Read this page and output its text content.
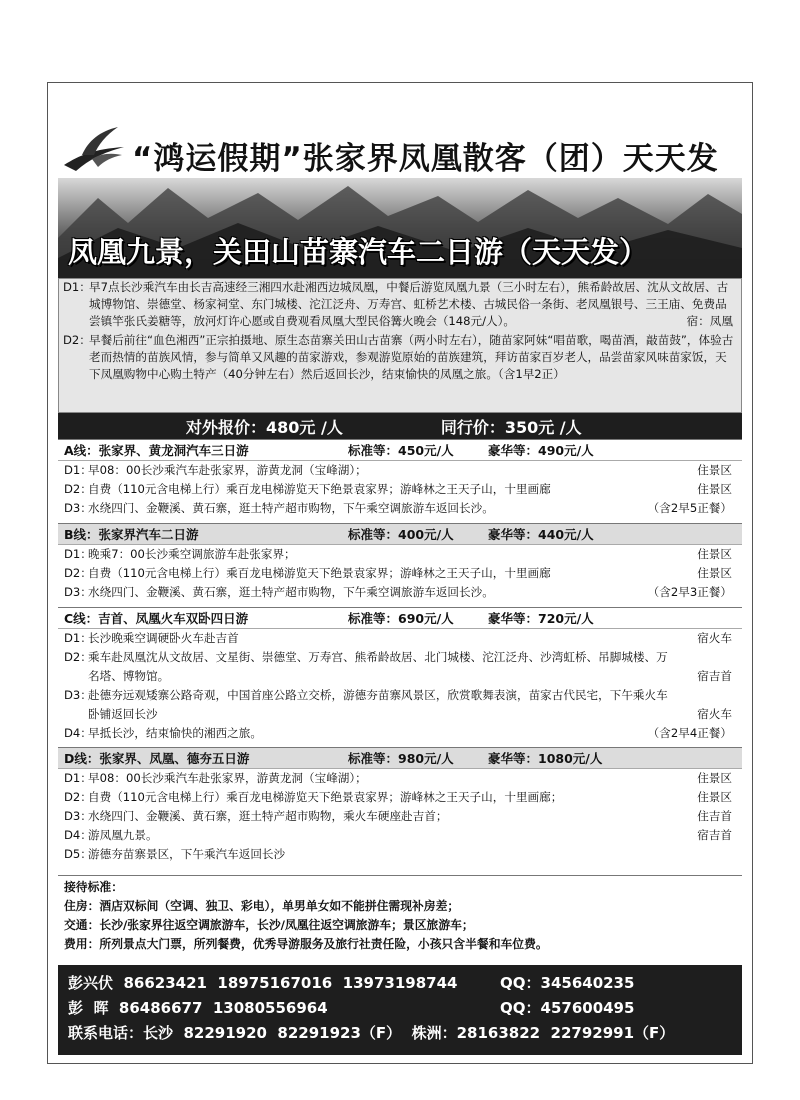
“鸿运假期”张家界凤凰散客（团）天天发
凤凰九景，关田山苗寨汽车二日游（天天发）
D1：
早7点长沙乘汽车由长吉高速经三湘四水赴湘西边城凤凰，中餐后游览凤凰九景（三小时左右），熊希龄故居、沈从文故居、古城博物馆、崇德堂、杨家祠堂、东门城楼、沱江泛舟、万寿宫、虹桥艺术楼、古城民俗一条街、老凤凰银号、三王庙、免费品尝镇竿张氏姜糖等，放河灯许心愿或自费观看凤凰大型民俗篝火晚会（148元/人）。	宿：凤凰
D2：
早餐后前往“血色湘西”正宗拍摄地、原生态苗寨关田山古苗寨（两小时左右），随苗家阿妹“唱苗歌，喝苗酒，敲苗鼓”，体验古老而热情的苗族风情，参与简单又风趣的苗家游戏，参观游览原始的苗族建筑，拜访苗家百岁老人，品尝苗家风味苗家饭，天下凤凰购物中心购土特产（40分钟左右）然后返回长沙，结束愉快的凤凰之旅。（含1早2正）
对外报价：480元 /人	同行价：350元 /人
A线：张家界、黄龙洞汽车三日游	标准等：450元/人	豪华等：490元/人
D1：
早08：00长沙乘汽车赴张家界，游黄龙洞（宝峰湖）；	住景区
D2：
自费（110元含电梯上行）乘百龙电梯游览天下绝景袁家界；游峰林之王天子山，十里画廊	住景区
D3：
水绕四门、金鞭溪、黄石寨，逛土特产超市购物，下午乘空调旅游车返回长沙。	（含2早5正餐）
B线：张家界汽车二日游	标准等：400元/人	豪华等：440元/人
D1：
晚乘7：00长沙乘空调旅游车赴张家界；	住景区
D2：
自费（110元含电梯上行）乘百龙电梯游览天下绝景袁家界；游峰林之王天子山，十里画廊	住景区
D3：
水绕四门、金鞭溪、黄石寨，逛土特产超市购物，下午乘空调旅游车返回长沙。	（含2早3正餐）
C线：吉首、凤凰火车双卧四日游	标准等：690元/人	豪华等：720元/人
D1：
长沙晚乘空调硬卧火车赴吉首	宿火车
D2：
乘车赴凤凰沈从文故居、文星街、崇德堂、万寿宫、熊希龄故居、北门城楼、沱江泛舟、沙湾虹桥、吊脚城楼、万名塔、博物馆。	宿吉首
D3：
赴德夯远观矮寨公路奇观，中国首座公路立交桥，游德夯苗寨风景区，欣赏歌舞表演，苗家古代民宅，下午乘火车卧铺返回长沙	宿火车
D4：
早抵长沙，结束愉快的湘西之旅。	（含2早4正餐）
D线：张家界、凤凰、德夯五日游	标准等：980元/人	豪华等：1080元/人
D1：
早08：00长沙乘汽车赴张家界，游黄龙洞（宝峰湖）；	住景区
D2：
自费（110元含电梯上行）乘百龙电梯游览天下绝景袁家界；游峰林之王天子山，十里画廊；	住景区
D3：
水绕四门、金鞭溪、黄石寨，逛土特产超市购物，乘火车硬座赴吉首；	住吉首
D4：
游凤凰九景。	宿吉首
D5：
游德夯苗寨景区，下午乘汽车返回长沙
接待标准：
住房：酒店双标间（空调、独卫、彩电），单男单女如不能拼住需现补房差；
交通：长沙/张家界往返空调旅游车，长沙/凤凰往返空调旅游车；景区旅游车；
费用：所列景点大门票，所列餐费，优秀导游服务及旅行社责任险，小孩只含半餐和车位费。
彭兴伏  86623421  18975167016  13973198744	QQ：345640235
彭  晖  86486677  13080556964	QQ：457600495
联系电话：长沙  82291920  82291923（F）  株洲：28163822  22792991（F）
